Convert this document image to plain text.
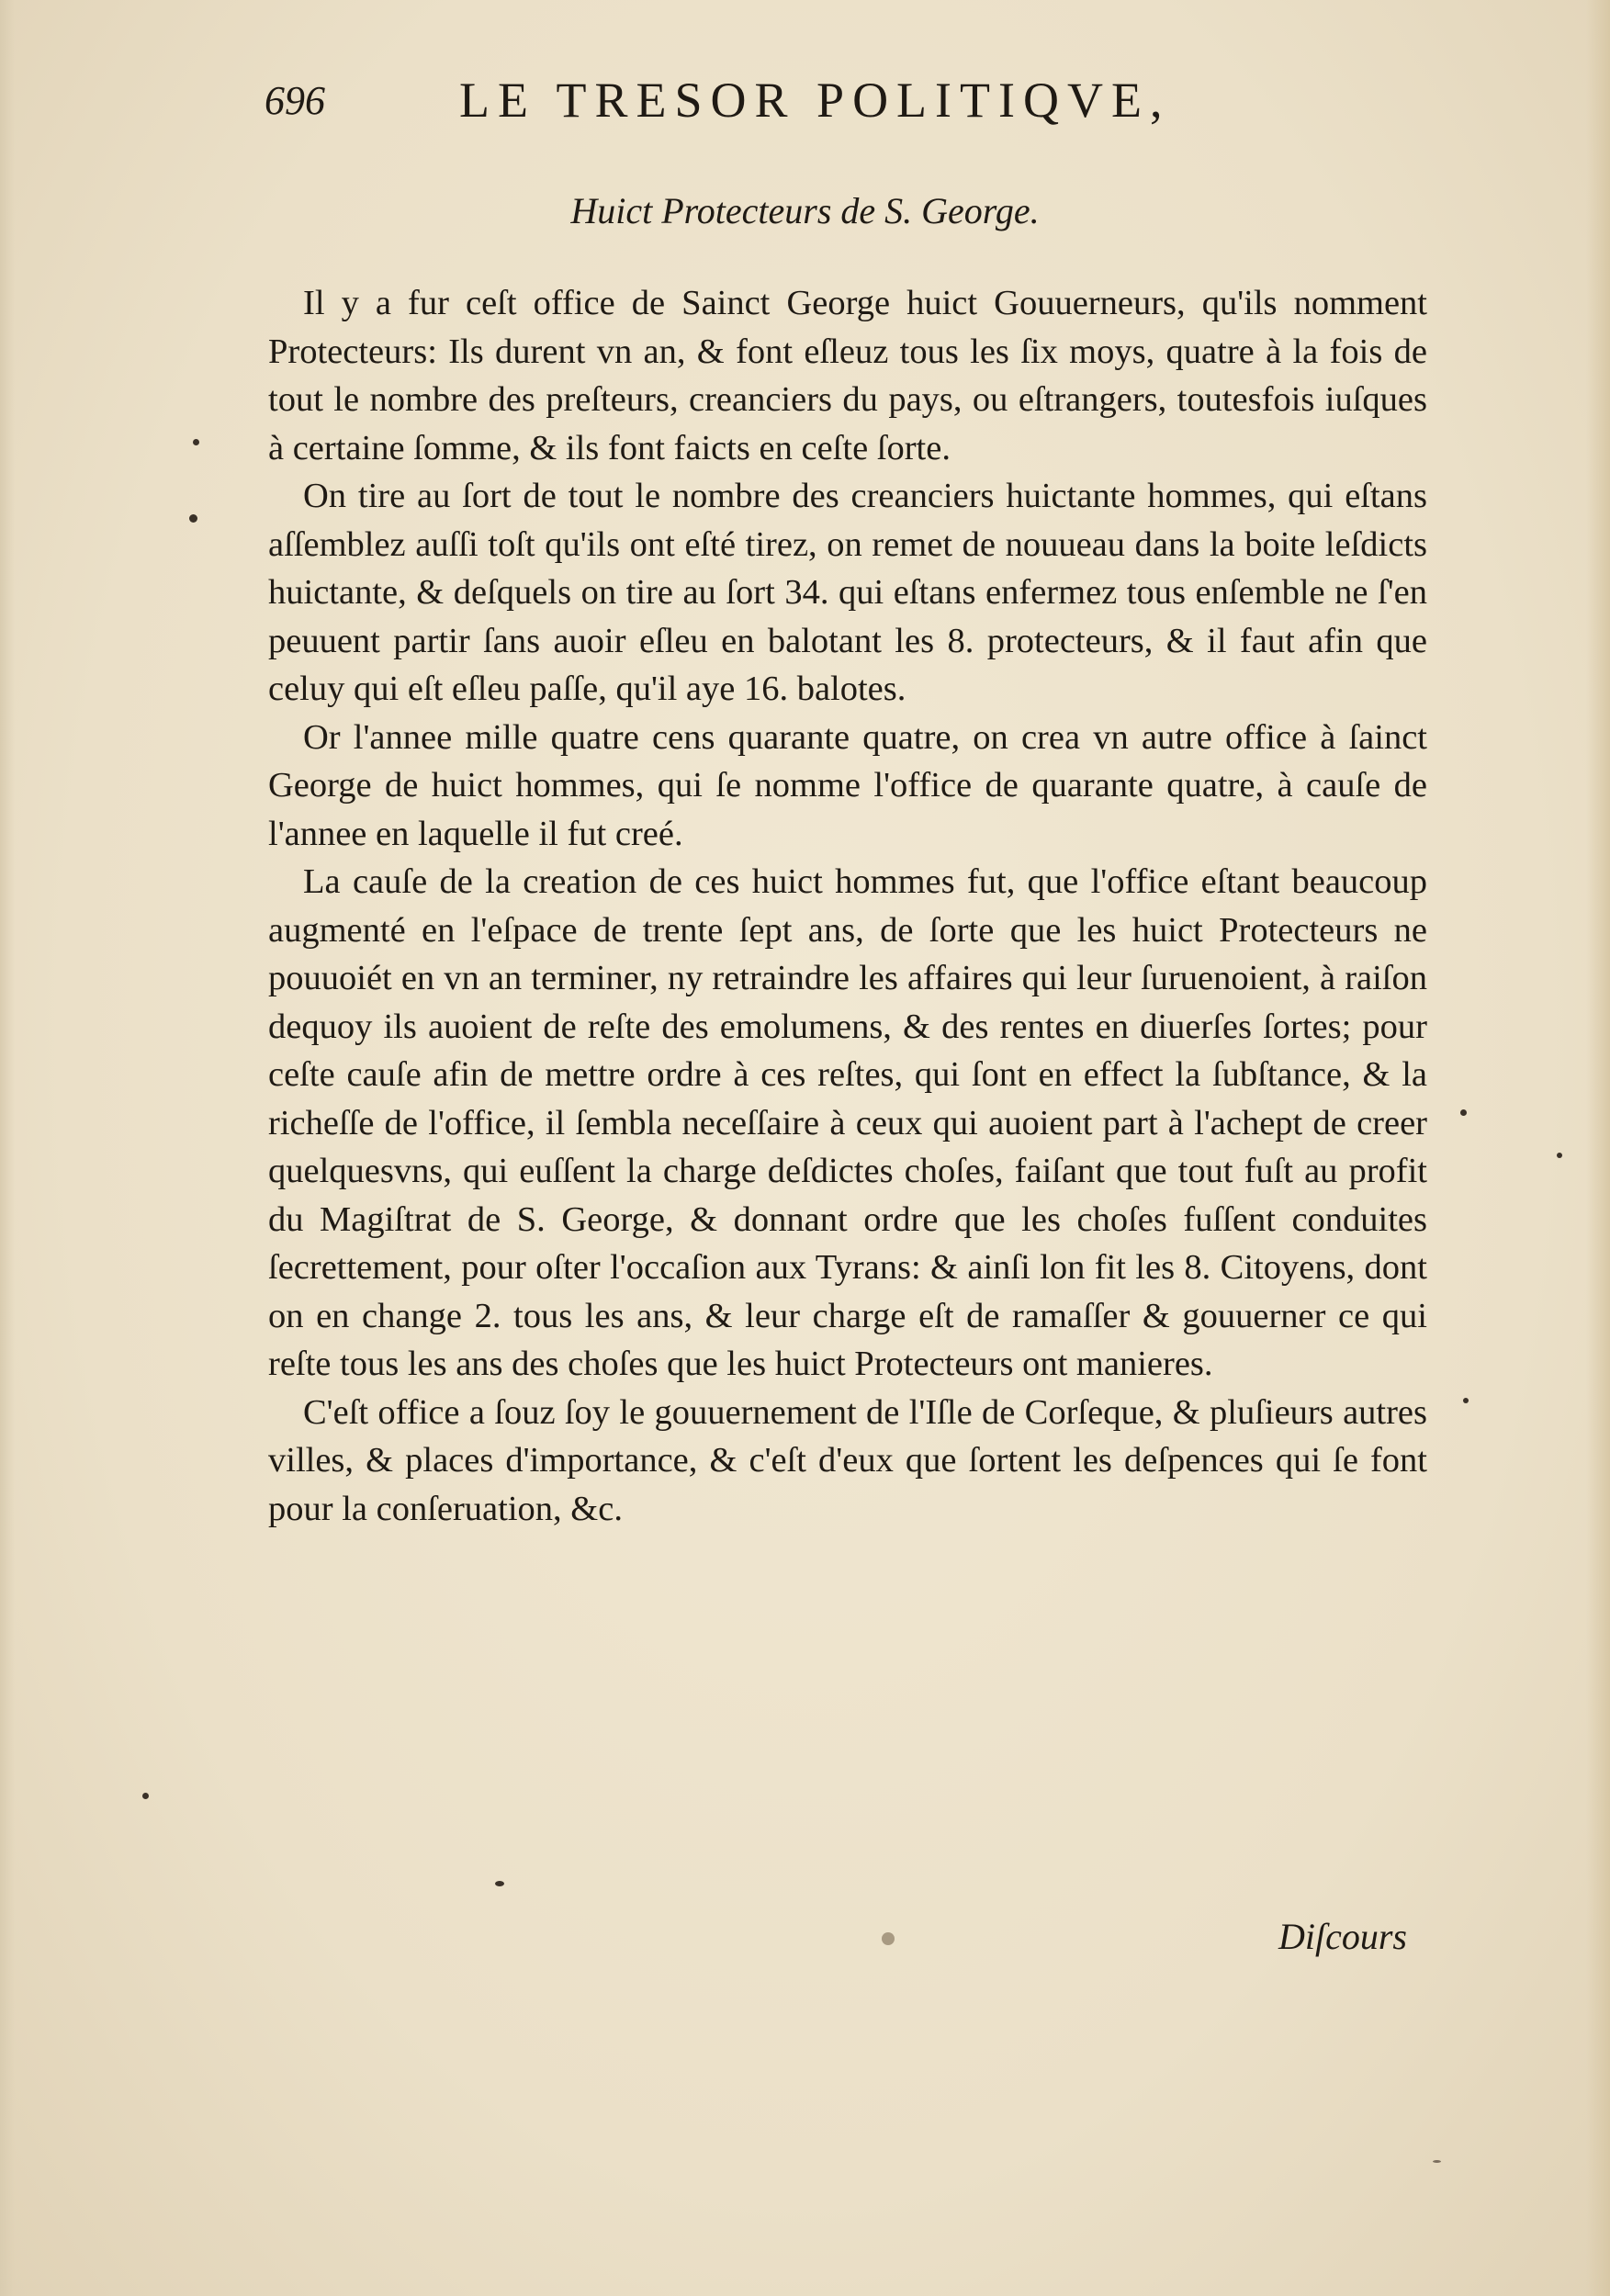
696	LE TRESOR POLITIQVE,
Huict Protecteurs de S. George.

Il y a fur ceſt office de Sainct George huict Gouuerneurs, qu'ils nomment Protecteurs: Ils durent vn an, & font eſleuz tous les ſix moys, quatre à la fois de tout le nombre des preſteurs, creanciers du pays, ou eſtrangers, toutesfois iuſques à certaine ſomme, & ils font faicts en ceſte ſorte.

On tire au ſort de tout le nombre des creanciers huictante hommes, qui eſtans aſſemblez auſſi toſt qu'ils ont eſté tirez, on remet de nouueau dans la boite leſdicts huictante, & deſquels on tire au ſort 34. qui eſtans enfermez tous enſemble ne ſ'en peuuent partir ſans auoir eſleu en balotant les 8. protecteurs, & il faut afin que celuy qui eſt eſleu paſſe, qu'il aye 16. balotes.

Or l'annee mille quatre cens quarante quatre, on crea vn autre office à ſainct George de huict hommes, qui ſe nomme l'office de quarante quatre, à cauſe de l'annee en laquelle il fut creé.

La cauſe de la creation de ces huict hommes fut, que l'office eſtant beaucoup augmenté en l'eſpace de trente ſept ans, de ſorte que les huict Protecteurs ne pouuoiét en vn an terminer, ny retraindre les affaires qui leur ſuruenoient, à raiſon dequoy ils auoient de reſte des emolumens, & des rentes en diuerſes ſortes; pour ceſte cauſe afin de mettre ordre à ces reſtes, qui ſont en effect la ſubſtance, & la richeſſe de l'office, il ſembla neceſſaire à ceux qui auoient part à l'achept de creer quelquesvns, qui euſſent la charge deſdictes choſes, faiſant que tout fuſt au profit du Magiſtrat de S. George, & donnant ordre que les choſes fuſſent conduites ſecrettement, pour oſter l'occaſion aux Tyrans: & ainſi lon fit les 8. Citoyens, dont on en change 2. tous les ans, & leur charge eſt de ramaſſer & gouuerner ce qui reſte tous les ans des choſes que les huict Protecteurs ont manieres.

C'eſt office a ſouz ſoy le gouuernement de l'Iſle de Corſeque, & pluſieurs autres villes, & places d'importance, & c'eſt d'eux que ſortent les deſpences qui ſe font pour la conſeruation, &c.

Diſcours
